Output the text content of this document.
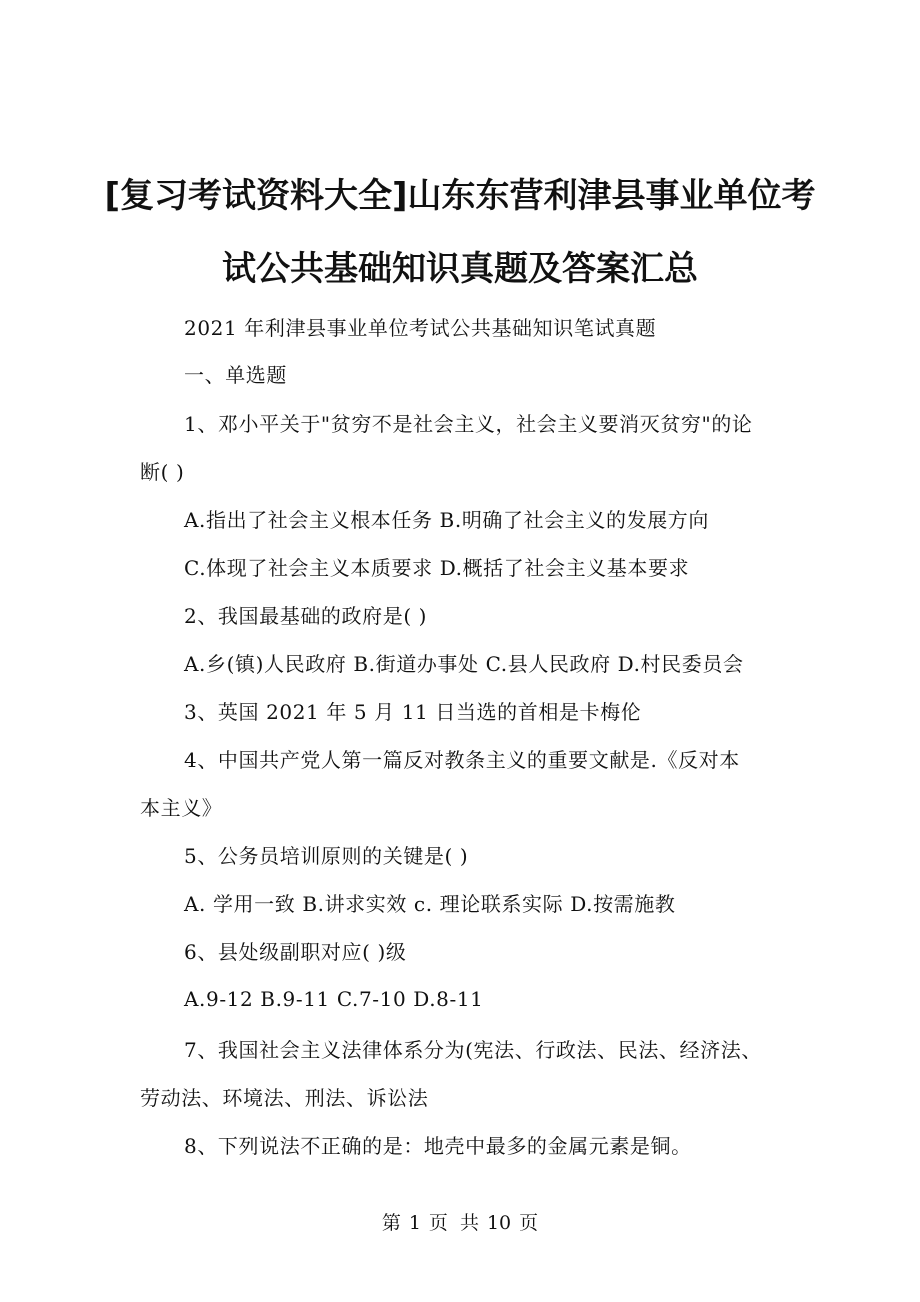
[复习考试资料大全]山东东营利津县事业单位考
试公共基础知识真题及答案汇总
2021 年利津县事业单位考试公共基础知识笔试真题
一、单选题
1、邓小平关于"贫穷不是社会主义，社会主义要消灭贫穷"的论
断( )
A.指出了社会主义根本任务 B.明确了社会主义的发展方向
C.体现了社会主义本质要求 D.概括了社会主义基本要求
2、我国最基础的政府是( )
A.乡(镇)人民政府 B.街道办事处 C.县人民政府 D.村民委员会
3、英国 2021 年 5 月 11 日当选的首相是卡梅伦
4、中国共产党人第一篇反对教条主义的重要文献是.《反对本
本主义》
5、公务员培训原则的关键是( )
A. 学用一致 B.讲求实效 c. 理论联系实际 D.按需施教
6、县处级副职对应( )级
A.9-12 B.9-11 C.7-10 D.8-11
7、我国社会主义法律体系分为(宪法、行政法、民法、经济法、
劳动法、环境法、刑法、诉讼法
8、下列说法不正确的是：地壳中最多的金属元素是铜。
第 1 页 共 10 页
